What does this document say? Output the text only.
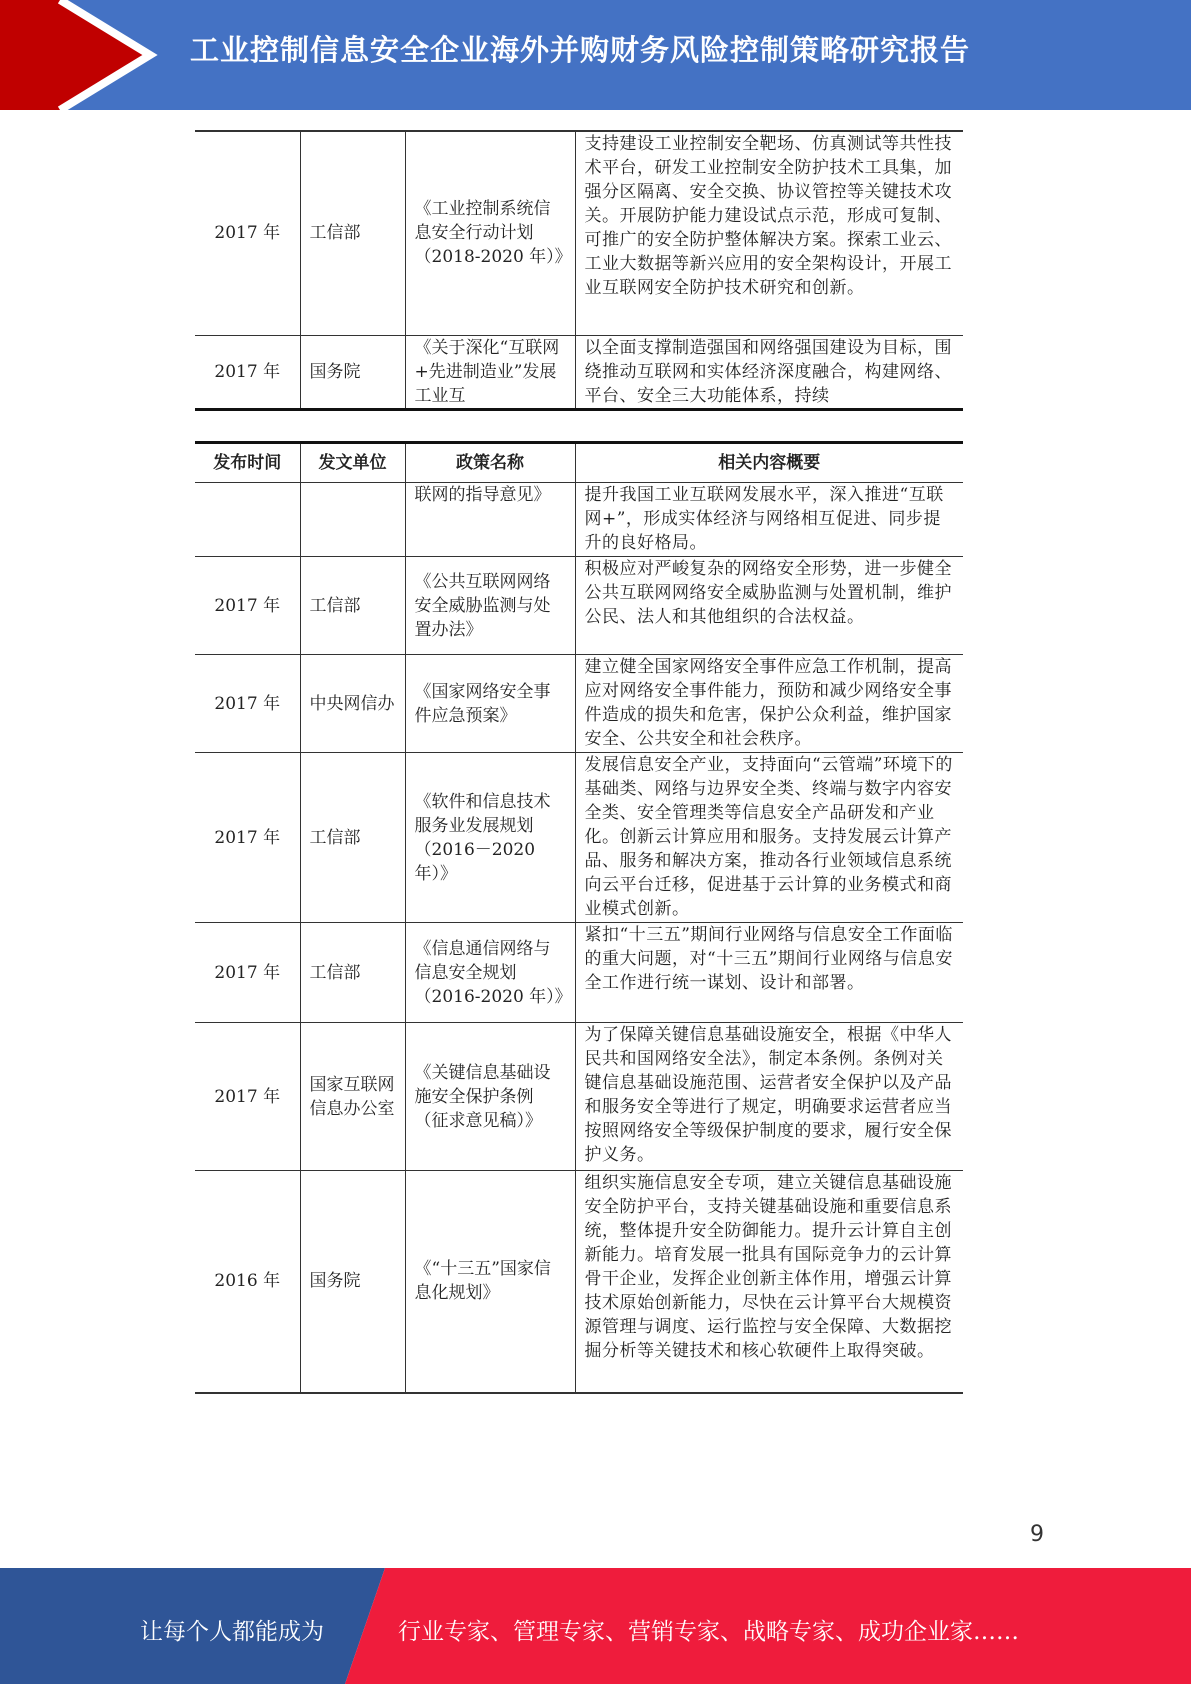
工业控制信息安全企业海外并购财务风险控制策略研究报告
2017 年	工信部	《工业控制系统信息安全行动计划（2018-2020 年）》	支持建设工业控制安全靶场、仿真测试等共性技术平台，研发工业控制安全防护技术工具集，加强分区隔离、安全交换、协议管控等关键技术攻关。开展防护能力建设试点示范，形成可复制、可推广的安全防护整体解决方案。探索工业云、工业大数据等新兴应用的安全架构设计，开展工业互联网安全防护技术研究和创新。
2017 年	国务院	《关于深化“互联网+先进制造业”发展工业互	以全面支撑制造强国和网络强国建设为目标，围绕推动互联网和实体经济深度融合，构建网络、平台、安全三大功能体系，持续
发布时间	发文单位	政策名称	相关内容概要
		联网的指导意见》	提升我国工业互联网发展水平，深入推进“互联网+”，形成实体经济与网络相互促进、同步提升的良好格局。
2017 年	工信部	《公共互联网网络安全威胁监测与处置办法》	积极应对严峻复杂的网络安全形势，进一步健全公共互联网网络安全威胁监测与处置机制，维护公民、法人和其他组织的合法权益。
2017 年	中央网信办	《国家网络安全事件应急预案》	建立健全国家网络安全事件应急工作机制，提高应对网络安全事件能力，预防和减少网络安全事件造成的损失和危害，保护公众利益，维护国家安全、公共安全和社会秩序。
2017 年	工信部	《软件和信息技术服务业发展规划（2016－2020 年）》	发展信息安全产业，支持面向“云管端”环境下的基础类、网络与边界安全类、终端与数字内容安全类、安全管理类等信息安全产品研发和产业化。创新云计算应用和服务。支持发展云计算产品、服务和解决方案，推动各行业领域信息系统向云平台迁移，促进基于云计算的业务模式和商业模式创新。
2017 年	工信部	《信息通信网络与信息安全规划（2016-2020 年）》	紧扣“十三五”期间行业网络与信息安全工作面临的重大问题，对“十三五”期间行业网络与信息安全工作进行统一谋划、设计和部署。
2017 年	国家互联网信息办公室	《关键信息基础设施安全保护条例（征求意见稿）》	为了保障关键信息基础设施安全，根据《中华人民共和国网络安全法》，制定本条例。条例对关键信息基础设施范围、运营者安全保护以及产品和服务安全等进行了规定，明确要求运营者应当按照网络安全等级保护制度的要求，履行安全保护义务。
2016 年	国务院	《“十三五”国家信息化规划》	组织实施信息安全专项，建立关键信息基础设施安全防护平台，支持关键基础设施和重要信息系统，整体提升安全防御能力。提升云计算自主创新能力。培育发展一批具有国际竞争力的云计算骨干企业，发挥企业创新主体作用，增强云计算技术原始创新能力，尽快在云计算平台大规模资源管理与调度、运行监控与安全保障、大数据挖掘分析等关键技术和核心软硬件上取得突破。
9
让每个人都能成为	行业专家、管理专家、营销专家、战略专家、成功企业家……
